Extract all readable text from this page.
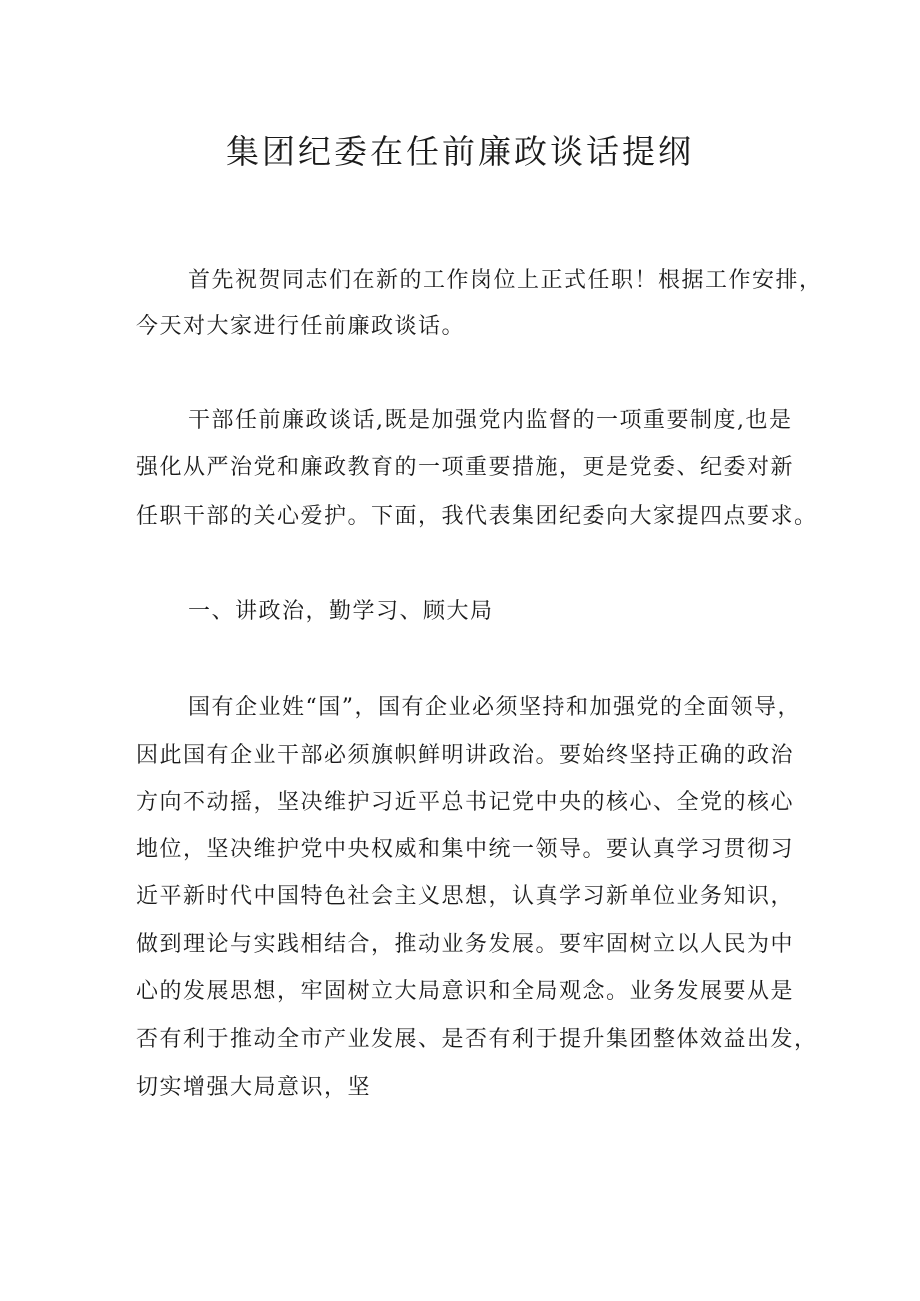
集团纪委在任前廉政谈话提纲
首先祝贺同志们在新的工作岗位上正式任职！根据工作安排，
今天对大家进行任前廉政谈话。
干部任前廉政谈话,既是加强党内监督的一项重要制度,也是
强化从严治党和廉政教育的一项重要措施，更是党委、纪委对新
任职干部的关心爱护。下面，我代表集团纪委向大家提四点要求。
一、讲政治，勤学习、顾大局
国有企业姓“国”，国有企业必须坚持和加强党的全面领导，
因此国有企业干部必须旗帜鲜明讲政治。要始终坚持正确的政治
方向不动摇，坚决维护习近平总书记党中央的核心、全党的核心
地位，坚决维护党中央权威和集中统一领导。要认真学习贯彻习
近平新时代中国特色社会主义思想，认真学习新单位业务知识，
做到理论与实践相结合，推动业务发展。要牢固树立以人民为中
心的发展思想，牢固树立大局意识和全局观念。业务发展要从是
否有利于推动全市产业发展、是否有利于提升集团整体效益出发，
切实增强大局意识，坚
